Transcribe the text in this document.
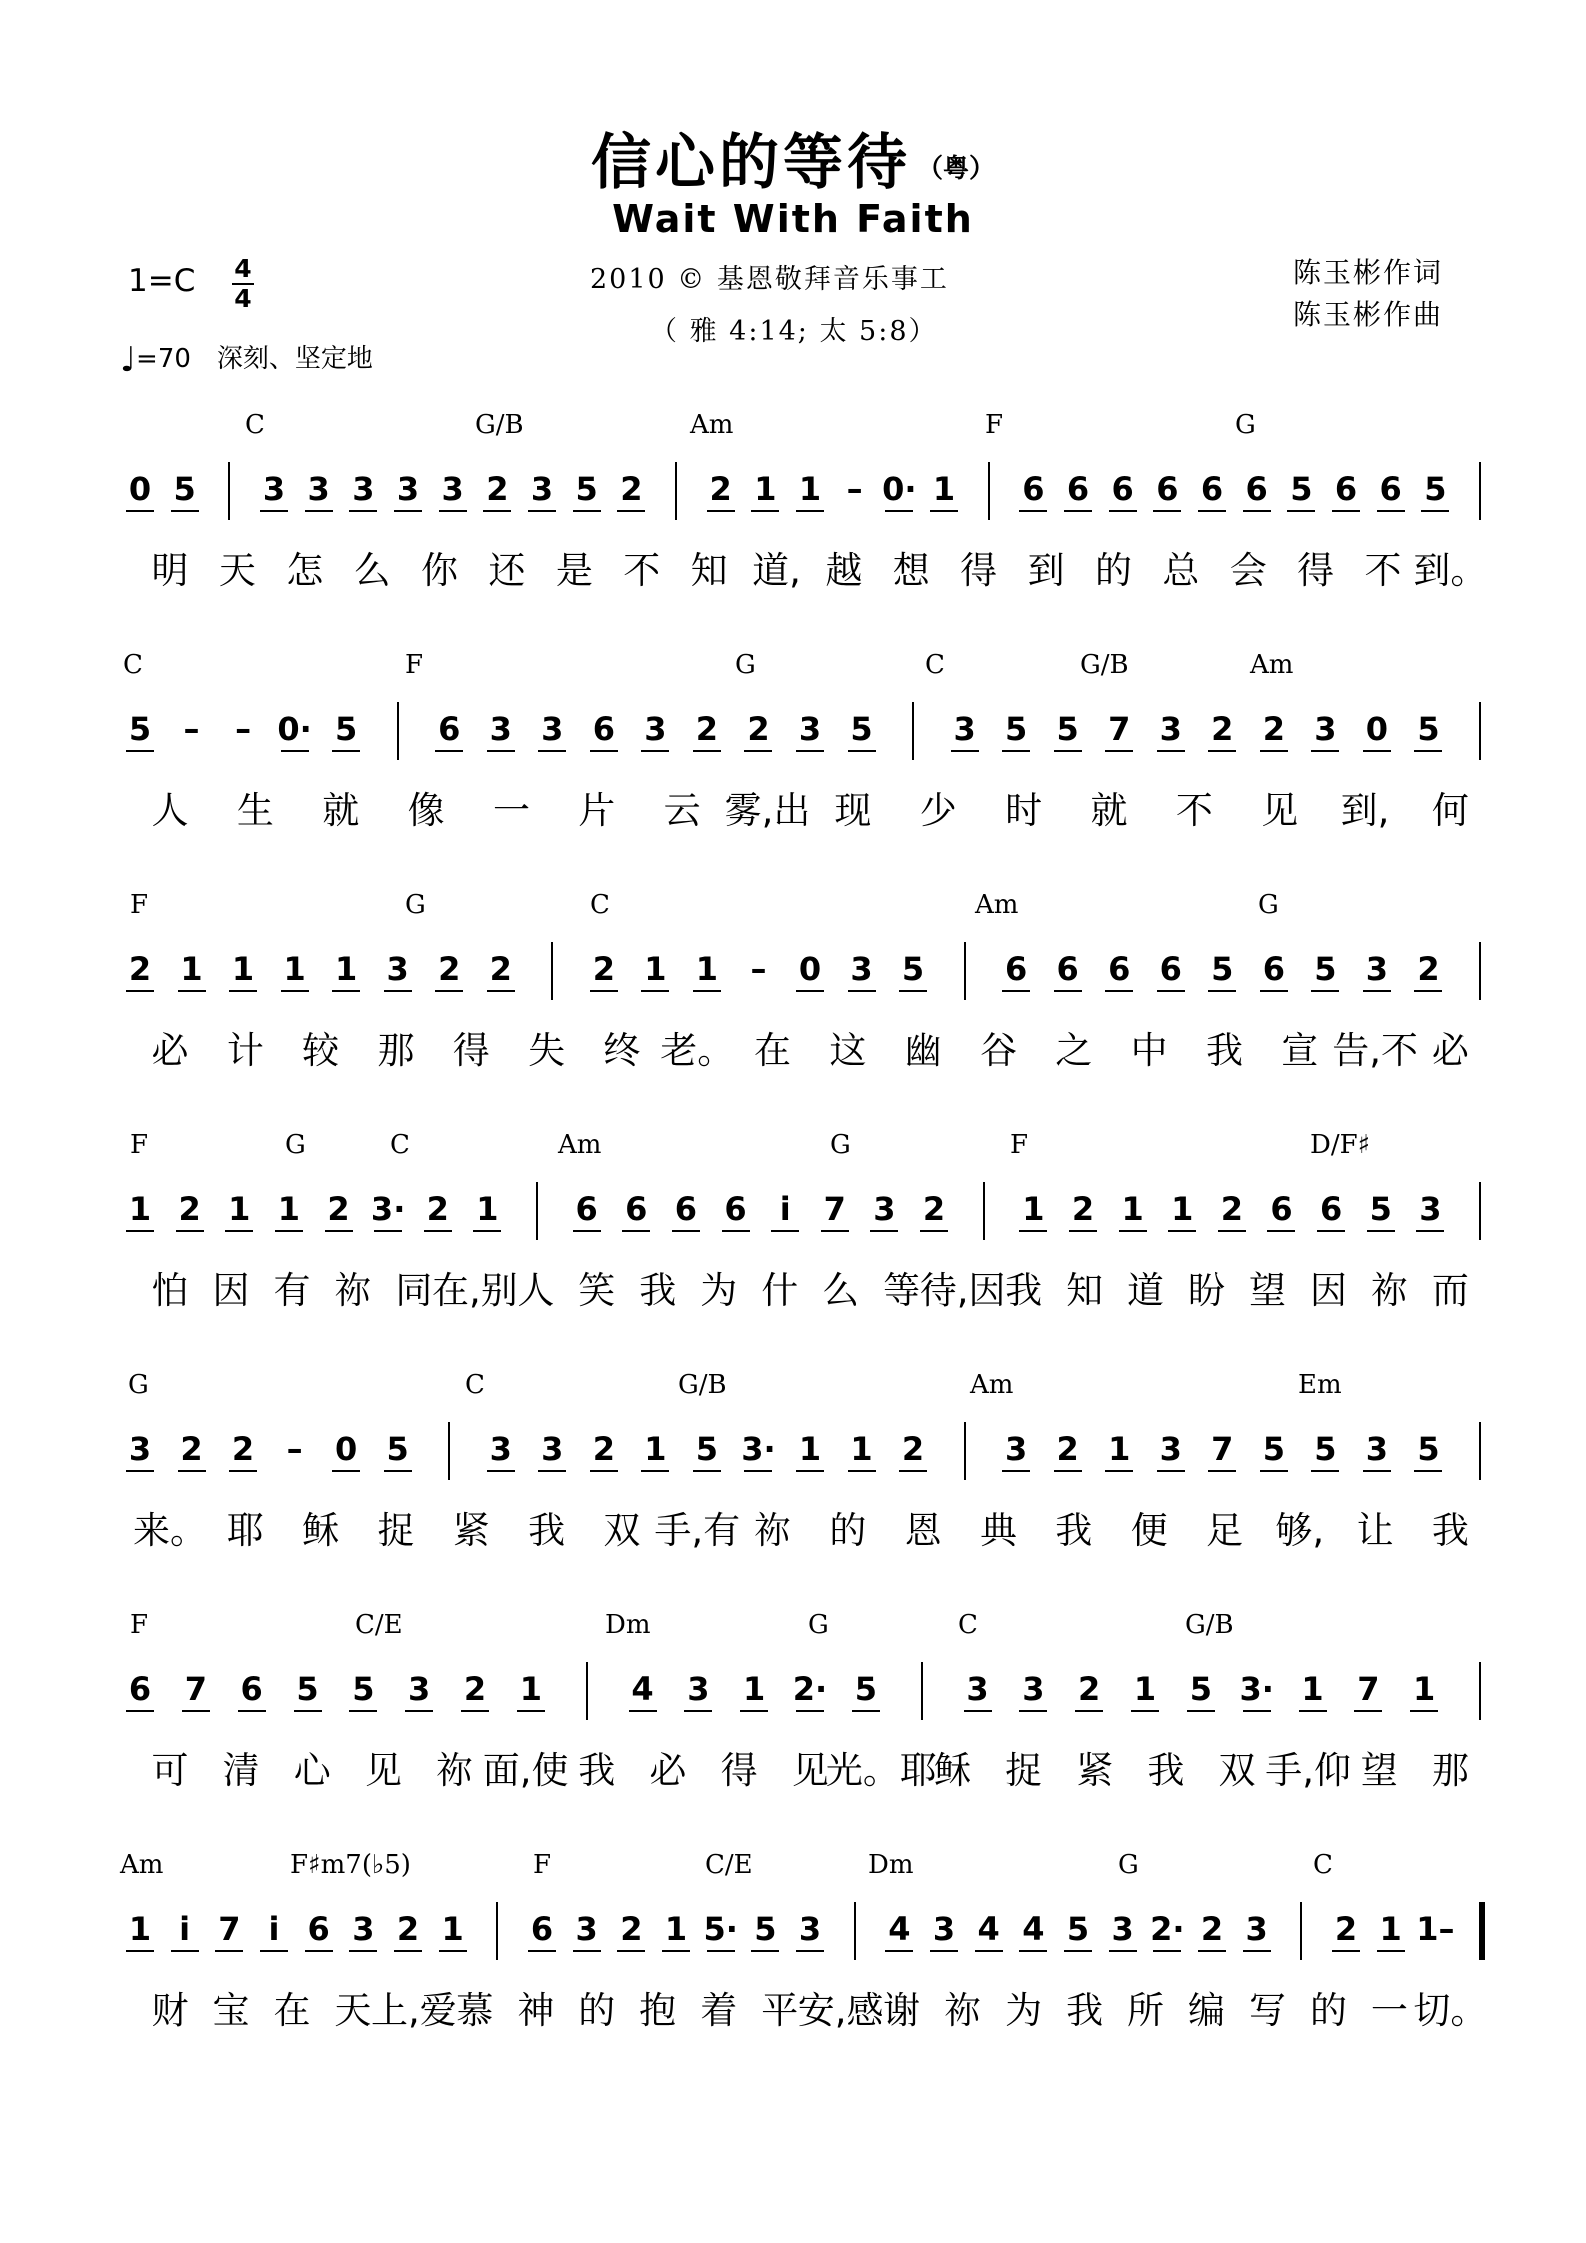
信心的等待 （粤）
Wait With Faith
1=C 4
4
♩=70 深刻、坚定地
2010 © 基恩敬拜音乐事工
（ 雅 4:14; 太 5:8）
陈玉彬作词
陈玉彬作曲
C	G/B	Am	F	G
0 5 3 3 3 3 3 2 3 5 2 2 1 1 – 0· 1 6 6 6 6 6 6 5 6 6 5
明 天 怎 么 你 还 是 不 知 道, 越 想 得 到 的 总 会 得 不 到。
C	F	G	C	G/B	Am
5 – – 0· 5	6 3 3 6 3 2 2 3 5	3 5 5 7 3 2 2 3 0 5
人 生 就 像 一 片 云 雾,出 现 少 时 就 不 见 到, 何
F	G	C	Am	G
2 1 1 1 1 3 2 2	2 1 1 – 0 3 5	6 6 6 6 5 6 5 3 2
必 计 较 那 得 失 终 老。 在 这 幽 谷 之 中 我 宣 告,不 必
F	G	C	Am	G	F	D/F♯
1 2 1 1 2 3· 2 1 6 6 6 6 i 7 3 2 1 2 1 1 2 6 6 5 3
怕 因 有 祢 同 在,别 人 笑 我 为 什 么 等 待,因 我 知 道 盼 望 因 祢 而
G	C	G/B	Am	Em
3 2 2 – 0 5	3 3 2 1 5 3· 1 1 2	3 2 1 3 7 5 5 3 5
来。 耶 稣 捉 紧 我 双 手,有 祢 的 恩 典 我 便 足 够, 让 我
F	C/E	Dm	G	C	G/B
6 7 6 5 5 3 2 1	4 3 1 2· 5	3 3 2 1 5 3· 1 7 1
可 清 心 见 祢 面,使 我 必 得 见
光。耶
稣 捉 紧 我 双 手,仰 望 那
Am	F♯m7(♭5)	F	C/E	Dm	G	C
1 i 7 i 6 3 2 1 6 3 2 1 5· 5 3 4 3 4 4 5 3 2· 2 3 2 1 1–
财 宝 在 天 上,爱 慕 神 的 抱 着 平 安,感 谢 祢 为 我 所 编 写 的 一 切。
